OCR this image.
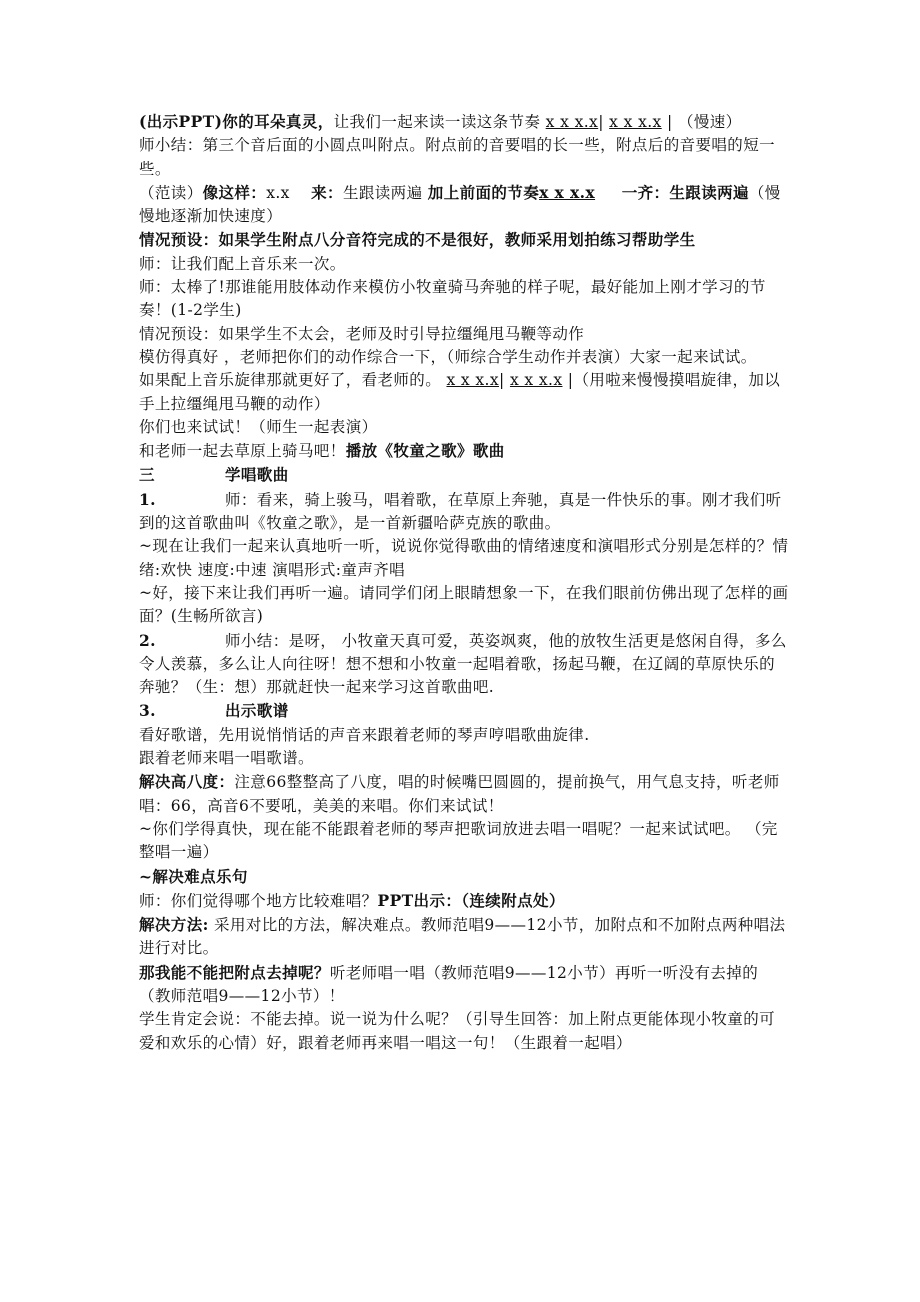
(出示PPT)你的耳朵真灵，让我们一起来读一读这条节奏 x x x.x| x x x.x | （慢速）

师小结：第三个音后面的小圆点叫附点。附点前的音要唱的长一些，附点后的音要唱的短一些。

（范读）像这样：x.x 来：生跟读两遍 加上前面的节奏x x x.x 一齐：生跟读两遍（慢慢地逐渐加快速度）

情况预设：如果学生附点八分音符完成的不是很好，教师采用划拍练习帮助学生

师：让我们配上音乐来一次。

师：太棒了!那谁能用肢体动作来模仿小牧童骑马奔驰的样子呢，最好能加上刚才学习的节奏！(1-2学生)

情况预设：如果学生不太会，老师及时引导拉缰绳甩马鞭等动作

模仿得真好 ，老师把你们的动作综合一下，（师综合学生动作并表演）大家一起来试试。

如果配上音乐旋律那就更好了，看老师的。 x x x.x| x x x.x |（用啦来慢慢摸唱旋律，加以手上拉缰绳甩马鞭的动作）

你们也来试试！（师生一起表演）

和老师一起去草原上骑马吧！播放《牧童之歌》歌曲

三	学唱歌曲

1.	师：看来，骑上骏马，唱着歌，在草原上奔驰，真是一件快乐的事。刚才我们听到的这首歌曲叫《牧童之歌》，是一首新疆哈萨克族的歌曲。

~现在让我们一起来认真地听一听，说说你觉得歌曲的情绪速度和演唱形式分别是怎样的？情绪:欢快 速度:中速 演唱形式:童声齐唱

~好，接下来让我们再听一遍。请同学们闭上眼睛想象一下，在我们眼前仿佛出现了怎样的画面？(生畅所欲言)

2.	师小结：是呀， 小牧童天真可爱，英姿飒爽，他的放牧生活更是悠闲自得，多么令人羡慕，多么让人向往呀！想不想和小牧童一起唱着歌，扬起马鞭，在辽阔的草原快乐的奔驰？（生：想）那就赶快一起来学习这首歌曲吧.

3.	出示歌谱

看好歌谱，先用说悄悄话的声音来跟着老师的琴声哼唱歌曲旋律.

跟着老师来唱一唱歌谱。

解决高八度：注意66整整高了八度，唱的时候嘴巴圆圆的，提前换气，用气息支持，听老师唱：66，高音6不要吼，美美的来唱。你们来试试！

~你们学得真快，现在能不能跟着老师的琴声把歌词放进去唱一唱呢？一起来试试吧。 （完整唱一遍）

~解决难点乐句

师：你们觉得哪个地方比较难唱？PPT出示：（连续附点处）

解决方法: 采用对比的方法，解决难点。教师范唱9——12小节，加附点和不加附点两种唱法进行对比。

那我能不能把附点去掉呢？听老师唱一唱（教师范唱9——12小节）再听一听没有去掉的（教师范唱9——12小节）！

学生肯定会说：不能去掉。说一说为什么呢？（引导生回答：加上附点更能体现小牧童的可爱和欢乐的心情）好，跟着老师再来唱一唱这一句！（生跟着一起唱）
